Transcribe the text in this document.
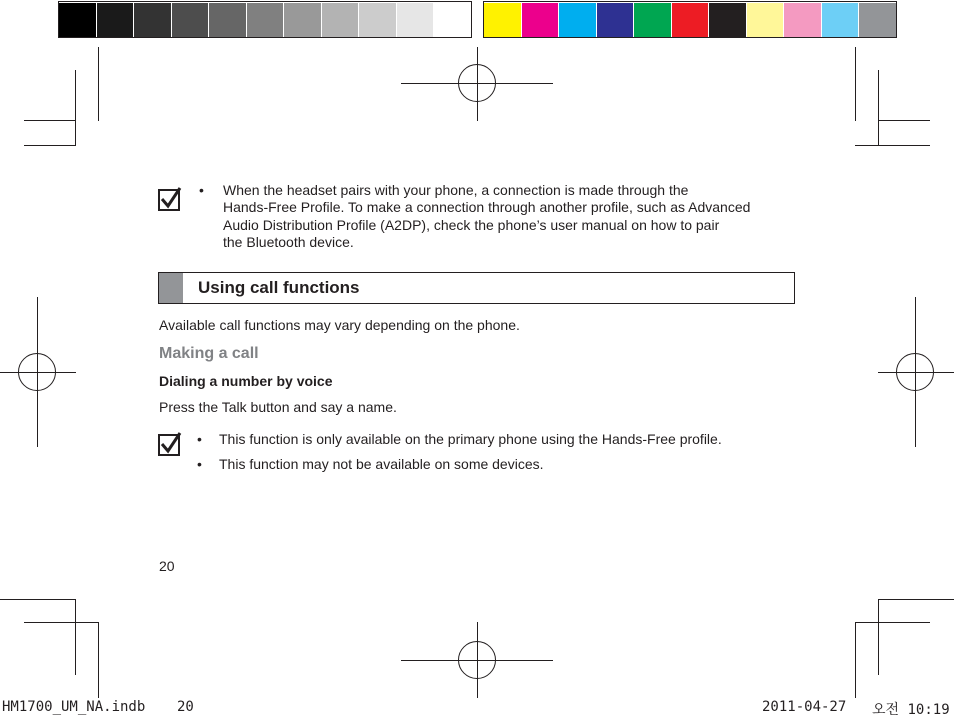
• When the headset pairs with your phone, a connection is made through the
Hands-Free Profile. To make a connection through another profile, such as Advanced
Audio Distribution Profile (A2DP), check the phone’s user manual on how to pair
the Bluetooth device.
Using call functions
Available call functions may vary depending on the phone.
Making a call
Dialing a number by voice
Press the Talk button and say a name.
• This function is only available on the primary phone using the Hands-Free profile.
• This function may not be available on some devices.
20
HM1700_UM_NA.indb 20	2011-04-27 오전 10:19
